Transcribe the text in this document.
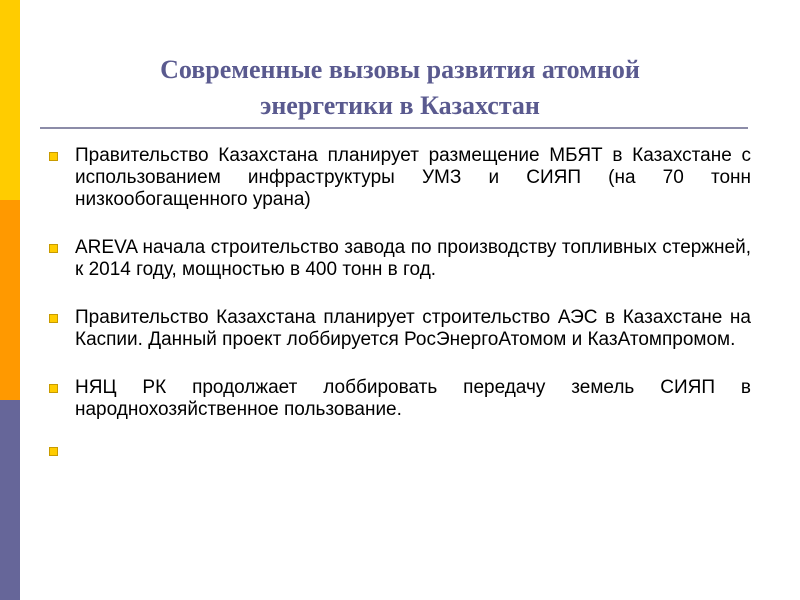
Современные вызовы развития атомной
энергетики в Казахстан
Правительство Казахстана планирует размещение МБЯТ в Казахстане с использованием инфраструктуры УМЗ и СИЯП (на 70 тонн низкообогащенного урана)
AREVA начала строительство завода по производству топливных стержней, к 2014 году, мощностью в 400 тонн в год.
Правительство Казахстана планирует строительство АЭС в Казахстане на Каспии. Данный проект лоббируется РосЭнергоАтомом и КазАтомпромом.
НЯЦ РК продолжает лоббировать передачу земель СИЯП в народнохозяйственное пользование.
